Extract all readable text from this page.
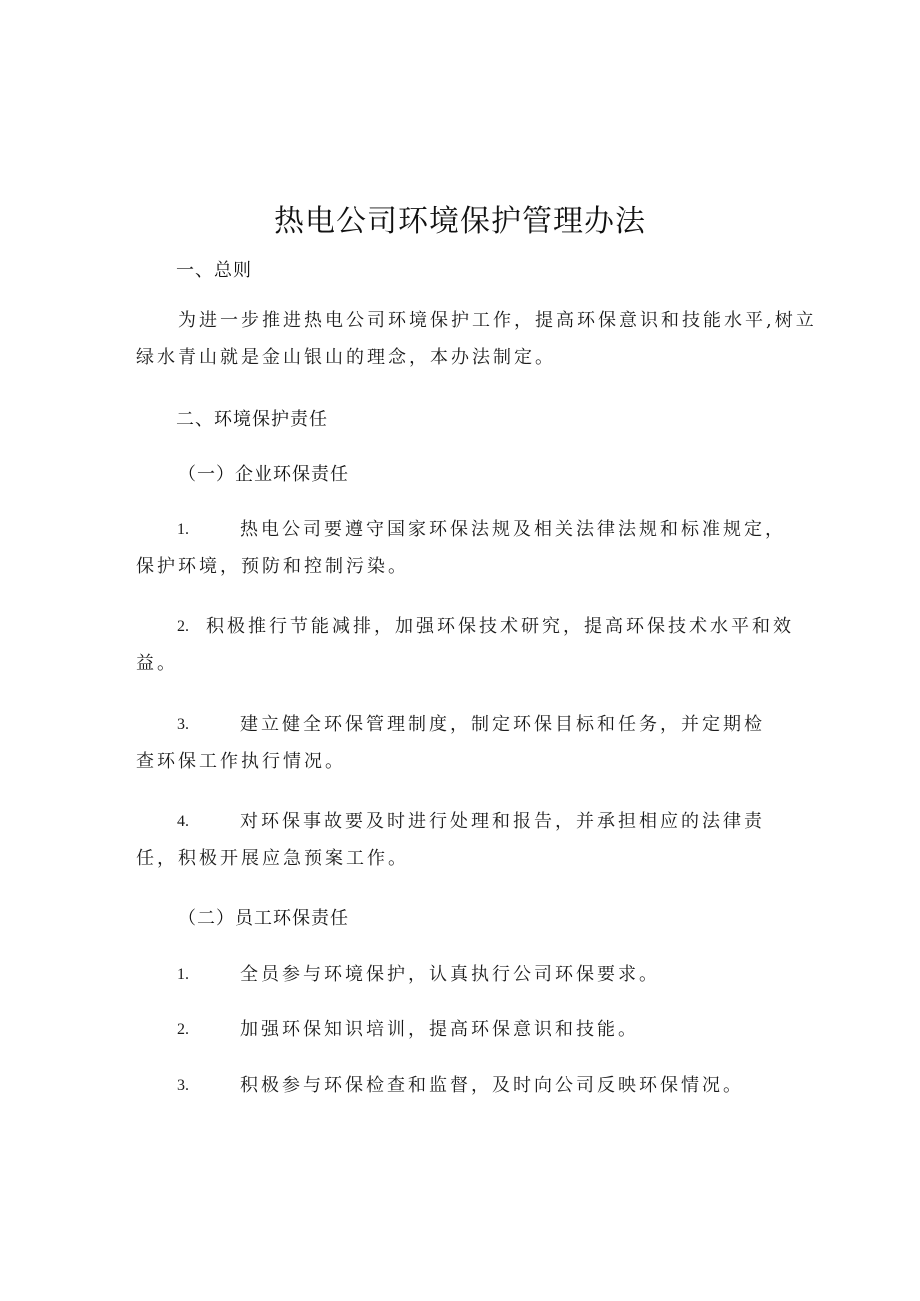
热电公司环境保护管理办法
一、总则
为进一步推进热电公司环境保护工作，提高环保意识和技能水平,树立
绿水青山就是金山银山的理念，本办法制定。
二、环境保护责任
（一）企业环保责任
1.	热电公司要遵守国家环保法规及相关法律法规和标准规定，
保护环境，预防和控制污染。
2. 积极推行节能减排，加强环保技术研究，提高环保技术水平和效
益。
3.	建立健全环保管理制度，制定环保目标和任务，并定期检
查环保工作执行情况。
4.	对环保事故要及时进行处理和报告，并承担相应的法律责
任，积极开展应急预案工作。
（二）员工环保责任
1.	全员参与环境保护，认真执行公司环保要求。
2.	加强环保知识培训，提高环保意识和技能。
3.	积极参与环保检查和监督，及时向公司反映环保情况。
